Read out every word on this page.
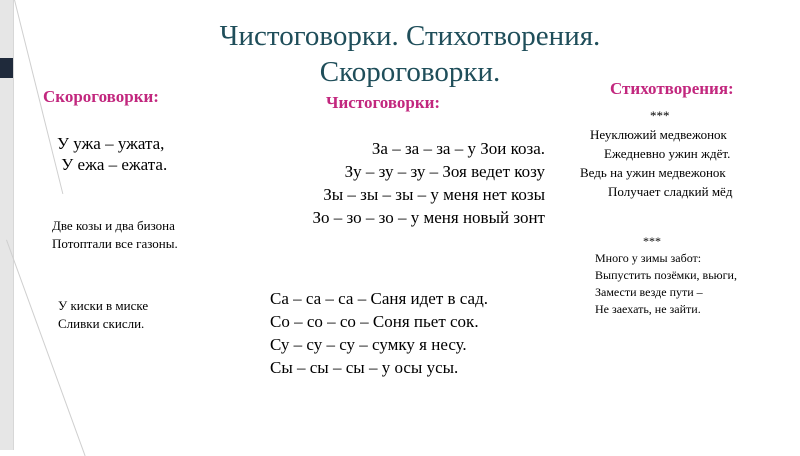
Чистоговорки. Стихотворения.
Скороговорки.
Скороговорки:
У ужа – ужата,
У ежа – ежата.
Две козы и два бизона
Потоптали все газоны.
У киски в миске
Сливки скисли.
Чистоговорки:
За – за – за – у Зои коза.
Зу – зу – зу – Зоя ведет козу
Зы – зы – зы – у меня нет козы
Зо – зо – зо – у меня новый зонт
Са – са – са – Саня идет в сад.
Со – со – со – Соня пьет сок.
Су – су – су – сумку я несу.
Сы – сы – сы – у осы усы.
Стихотворения:
***
Неуклюжий медвежонок
Ежедневно ужин ждёт.
Ведь на ужин медвежонок
Получает сладкий мёд
***
Много у зимы забот:
Выпустить позёмки, вьюги,
Замести везде пути –
Не заехать, не зайти.
